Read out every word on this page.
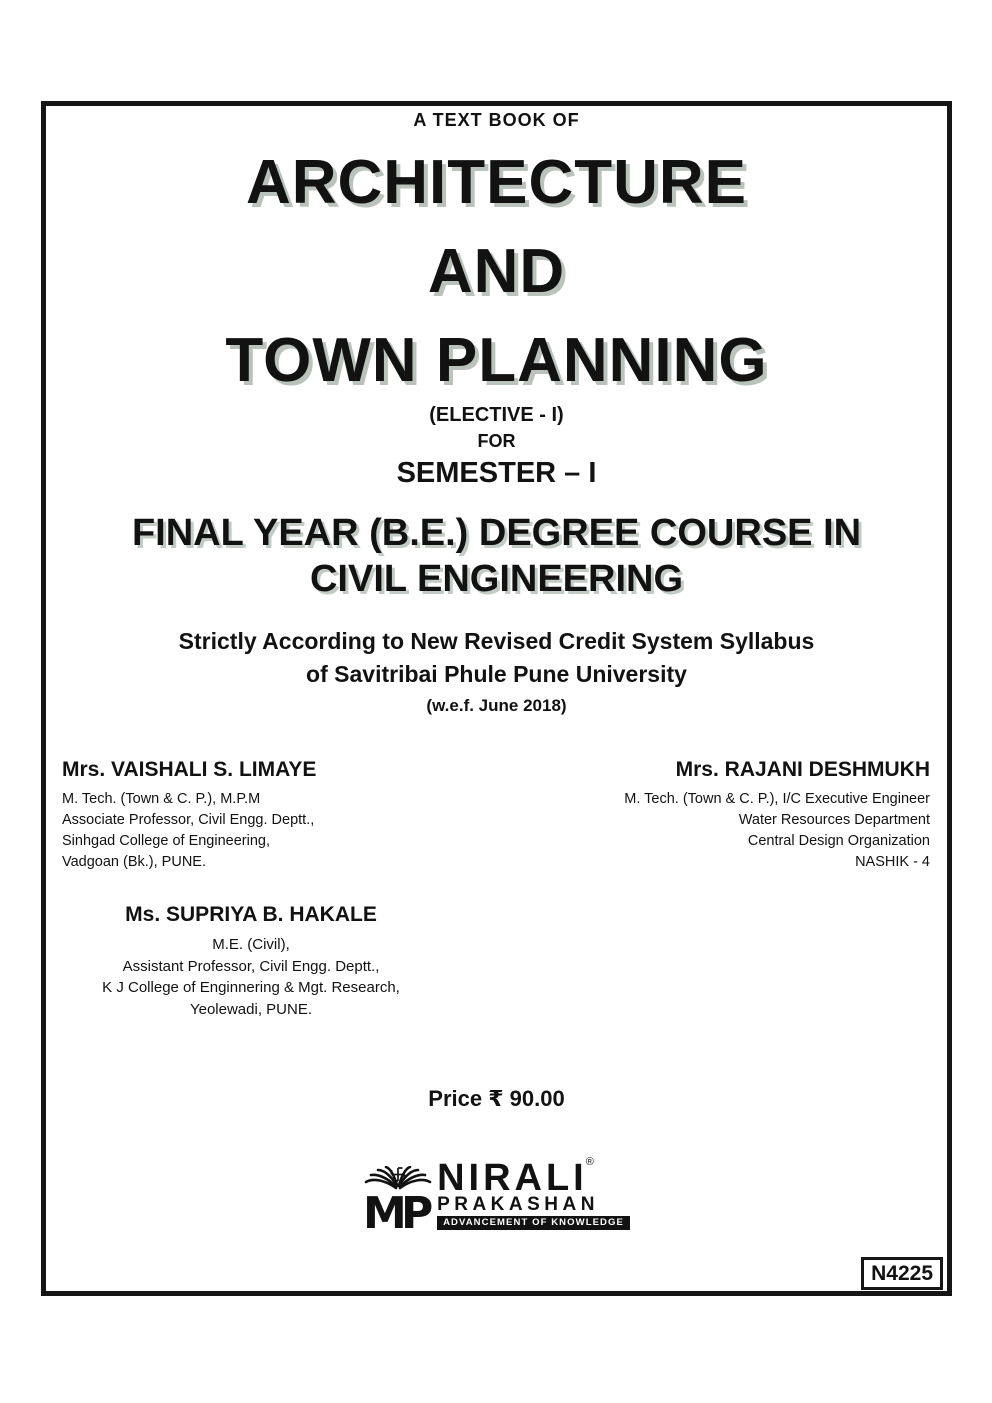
A TEXT BOOK OF
ARCHITECTURE
AND
TOWN PLANNING
(ELECTIVE - I)
FOR
SEMESTER – I
FINAL YEAR (B.E.) DEGREE COURSE IN
CIVIL ENGINEERING
Strictly According to New Revised Credit System Syllabus
of Savitribai Phule Pune University
(w.e.f. June 2018)
Mrs. VAISHALI S. LIMAYE
M. Tech. (Town & C. P.), M.P.M
Associate Professor, Civil Engg. Deptt.,
Sinhgad College of Engineering,
Vadgoan (Bk.), PUNE.
Mrs. RAJANI DESHMUKH
M. Tech. (Town & C. P.), I/C Executive Engineer
Water Resources Department
Central Design Organization
NASHIK - 4
Ms. SUPRIYA B. HAKALE
M.E. (Civil),
Assistant Professor, Civil Engg. Deptt.,
K J College of Enginnering & Mgt. Research,
Yeolewadi, PUNE.
Price ₹ 90.00
M
P
NIRALI
®
PRAKASHAN
ADVANCEMENT OF KNOWLEDGE
N4225
